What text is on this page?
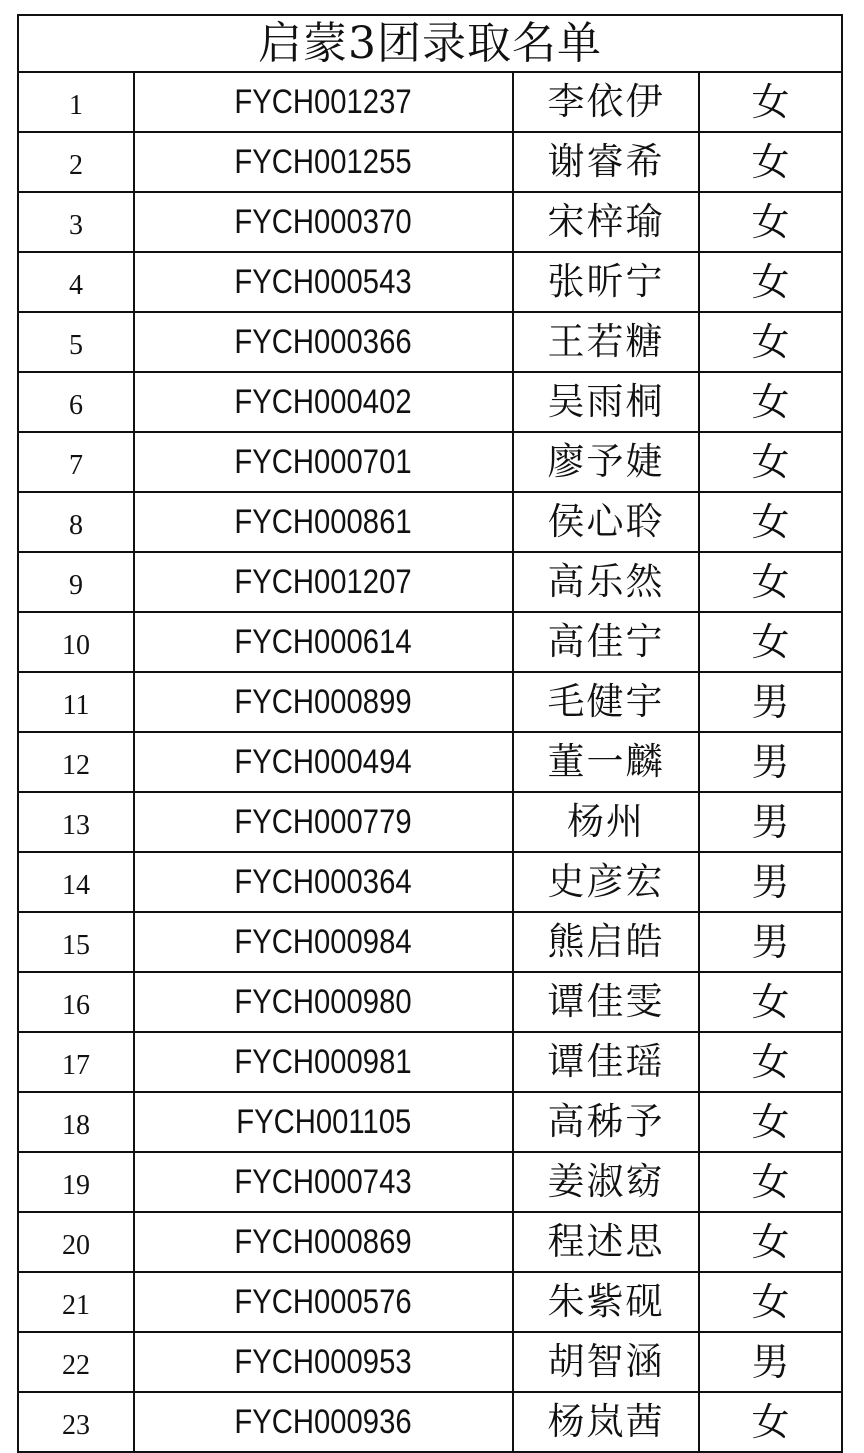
启蒙3团录取名单			
1	FYCH001237	李依伊	女
2	FYCH001255	谢睿希	女
3	FYCH000370	宋梓瑜	女
4	FYCH000543	张昕宁	女
5	FYCH000366	王若糖	女
6	FYCH000402	吴雨桐	女
7	FYCH000701	廖予婕	女
8	FYCH000861	侯心聆	女
9	FYCH001207	高乐然	女
10	FYCH000614	高佳宁	女
11	FYCH000899	毛健宇	男
12	FYCH000494	董一麟	男
13	FYCH000779	杨州	男
14	FYCH000364	史彦宏	男
15	FYCH000984	熊启皓	男
16	FYCH000980	谭佳雯	女
17	FYCH000981	谭佳瑶	女
18	FYCH001105	高秭予	女
19	FYCH000743	姜淑窈	女
20	FYCH000869	程述思	女
21	FYCH000576	朱紫砚	女
22	FYCH000953	胡智涵	男
23	FYCH000936	杨岚茜	女
